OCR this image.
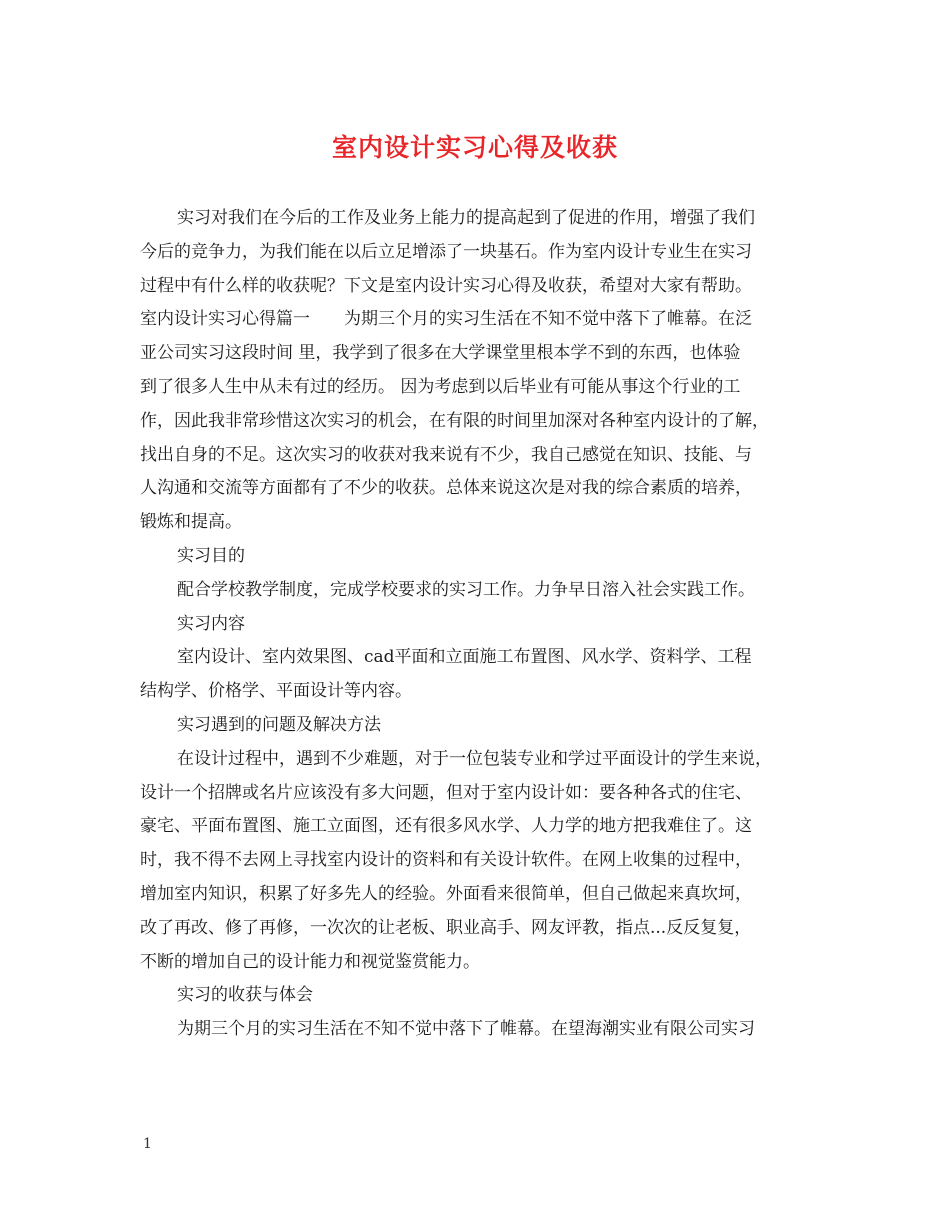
室内设计实习心得及收获
实习对我们在今后的工作及业务上能力的提高起到了促进的作用，增强了我们
今后的竞争力，为我们能在以后立足增添了一块基石。作为室内设计专业生在实习
过程中有什么样的收获呢？下文是室内设计实习心得及收获，希望对大家有帮助。
室内设计实习心得篇一　　为期三个月的实习生活在不知不觉中落下了帷幕。在泛
亚公司实习这段时间 里，我学到了很多在大学课堂里根本学不到的东西，也体验
到了很多人生中从未有过的经历。 因为考虑到以后毕业有可能从事这个行业的工
作，因此我非常珍惜这次实习的机会，在有限的时间里加深对各种室内设计的了解，
找出自身的不足。这次实习的收获对我来说有不少，我自己感觉在知识、技能、与
人沟通和交流等方面都有了不少的收获。总体来说这次是对我的综合素质的培养，
锻炼和提高。
实习目的
配合学校教学制度，完成学校要求的实习工作。力争早日溶入社会实践工作。
实习内容
室内设计、室内效果图、cad平面和立面施工布置图、风水学、资料学、工程
结构学、价格学、平面设计等内容。
实习遇到的问题及解决方法
在设计过程中，遇到不少难题，对于一位包装专业和学过平面设计的学生来说，
设计一个招牌或名片应该没有多大问题，但对于室内设计如：要各种各式的住宅、
豪宅、平面布置图、施工立面图，还有很多风水学、人力学的地方把我难住了。这
时，我不得不去网上寻找室内设计的资料和有关设计软件。在网上收集的过程中，
增加室内知识，积累了好多先人的经验。外面看来很简单，但自己做起来真坎坷，
改了再改、修了再修，一次次的让老板、职业高手、网友评教，指点...反反复复，
不断的增加自己的设计能力和视觉鉴赏能力。
实习的收获与体会
为期三个月的实习生活在不知不觉中落下了帷幕。在望海潮实业有限公司实习
1
